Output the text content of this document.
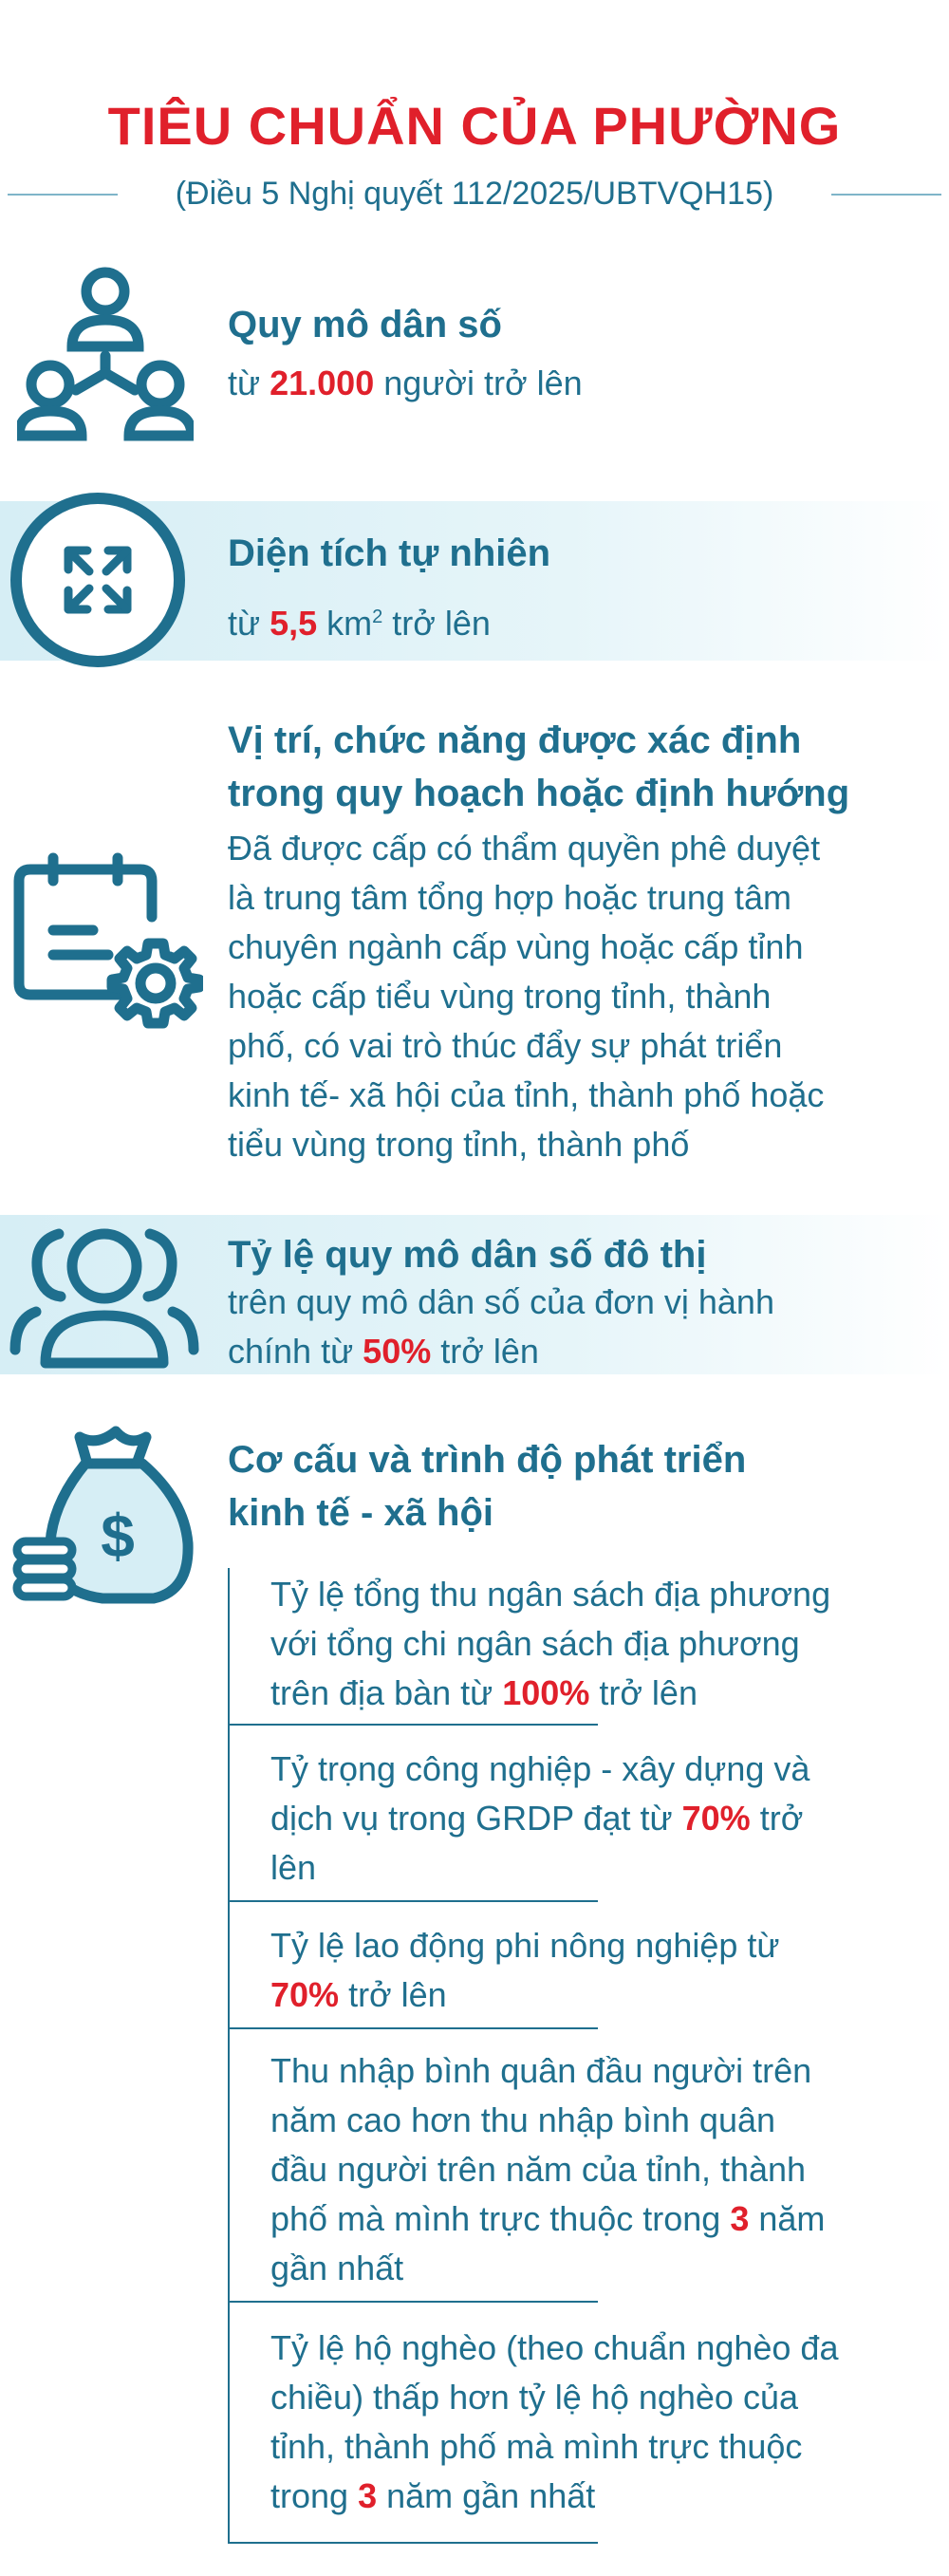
TIÊU CHUẨN CỦA PHƯỜNG
(Điều 5 Nghị quyết 112/2025/UBTVQH15)
Quy mô dân số
từ 21.000 người trở lên
Diện tích tự nhiên
từ 5,5 $km^2$ trở lên
Vị trí, chức năng được xác định
trong quy hoạch hoặc định hướng
Đã được cấp có thẩm quyền phê duyệt
là trung tâm tổng hợp hoặc trung tâm
chuyên ngành cấp vùng hoặc cấp tỉnh
hoặc cấp tiểu vùng trong tỉnh, thành
phố, có vai trò thúc đẩy sự phát triển
kinh tế- xã hội của tỉnh, thành phố hoặc
tiểu vùng trong tỉnh, thành phố
Tỷ lệ quy mô dân số đô thị
trên quy mô dân số của đơn vị hành
chính từ 50% trở lên
$
Cơ cấu và trình độ phát triển
kinh tế - xã hội
Tỷ lệ tổng thu ngân sách địa phương
với tổng chi ngân sách địa phương
trên địa bàn từ 100% trở lên
Tỷ trọng công nghiệp - xây dựng và
dịch vụ trong GRDP đạt từ 70% trở
lên
Tỷ lệ lao động phi nông nghiệp từ
70% trở lên
Thu nhập bình quân đầu người trên
năm cao hơn thu nhập bình quân
đầu người trên năm của tỉnh, thành
phố mà mình trực thuộc trong 3 năm
gần nhất
Tỷ lệ hộ nghèo (theo chuẩn nghèo đa
chiều) thấp hơn tỷ lệ hộ nghèo của
tỉnh, thành phố mà mình trực thuộc
trong 3 năm gần nhất
